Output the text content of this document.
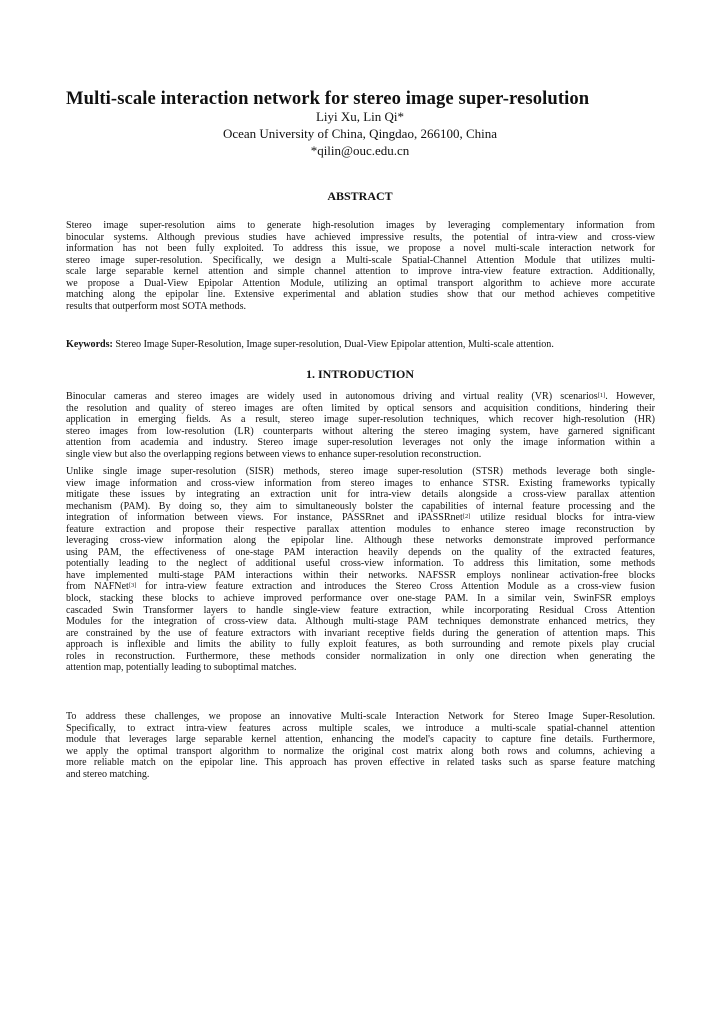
Multi-scale interaction network for stereo image super-resolution
Liyi Xu, Lin Qi*
Ocean University of China, Qingdao, 266100, China
*qilin@ouc.edu.cn
ABSTRACT
Stereo image super-resolution aims to generate high-resolution images by leveraging complementary information from
binocular systems. Although previous studies have achieved impressive results, the potential of intra-view and cross-view
information has not been fully exploited. To address this issue, we propose a novel multi-scale interaction network for
stereo image super-resolution. Specifically, we design a Multi-scale Spatial-Channel Attention Module that utilizes multi-
scale large separable kernel attention and simple channel attention to improve intra-view feature extraction. Additionally,
we propose a Dual-View Epipolar Attention Module, utilizing an optimal transport algorithm to achieve more accurate
matching along the epipolar line. Extensive experimental and ablation studies show that our method achieves competitive
results that outperform most SOTA methods.
Keywords: Stereo Image Super-Resolution, Image super-resolution, Dual-View Epipolar attention, Multi-scale attention.
1. INTRODUCTION
Binocular cameras and stereo images are widely used in autonomous driving and virtual reality (VR) scenarios[1]. However,
the resolution and quality of stereo images are often limited by optical sensors and acquisition conditions, hindering their
application in emerging fields. As a result, stereo image super-resolution techniques, which recover high-resolution (HR)
stereo images from low-resolution (LR) counterparts without altering the stereo imaging system, have garnered significant
attention from academia and industry. Stereo image super-resolution leverages not only the image information within a
single view but also the overlapping regions between views to enhance super-resolution reconstruction.
Unlike single image super-resolution (SISR) methods, stereo image super-resolution (STSR) methods leverage both single-
view image information and cross-view information from stereo images to enhance STSR. Existing frameworks typically
mitigate these issues by integrating an extraction unit for intra-view details alongside a cross-view parallax attention
mechanism (PAM). By doing so, they aim to simultaneously bolster the capabilities of internal feature processing and the
integration of information between views. For instance, PASSRnet and iPASSRnet[2] utilize residual blocks for intra-view
feature extraction and propose their respective parallax attention modules to enhance stereo image reconstruction by
leveraging cross-view information along the epipolar line. Although these networks demonstrate improved performance
using PAM, the effectiveness of one-stage PAM interaction heavily depends on the quality of the extracted features,
potentially leading to the neglect of additional useful cross-view information. To address this limitation, some methods
have implemented multi-stage PAM interactions within their networks. NAFSSR employs nonlinear activation-free blocks
from NAFNet[3] for intra-view feature extraction and introduces the Stereo Cross Attention Module as a cross-view fusion
block, stacking these blocks to achieve improved performance over one-stage PAM. In a similar vein, SwinFSR employs
cascaded Swin Transformer layers to handle single-view feature extraction, while incorporating Residual Cross Attention
Modules for the integration of cross-view data. Although multi-stage PAM techniques demonstrate enhanced metrics, they
are constrained by the use of feature extractors with invariant receptive fields during the generation of attention maps. This
approach is inflexible and limits the ability to fully exploit features, as both surrounding and remote pixels play crucial
roles in reconstruction. Furthermore, these methods consider normalization in only one direction when generating the
attention map, potentially leading to suboptimal matches.
To address these challenges, we propose an innovative Multi-scale Interaction Network for Stereo Image Super-Resolution.
Specifically, to extract intra-view features across multiple scales, we introduce a multi-scale spatial-channel attention
module that leverages large separable kernel attention, enhancing the model's capacity to capture fine details. Furthermore,
we apply the optimal transport algorithm to normalize the original cost matrix along both rows and columns, achieving a
more reliable match on the epipolar line. This approach has proven effective in related tasks such as sparse feature matching
and stereo matching.
